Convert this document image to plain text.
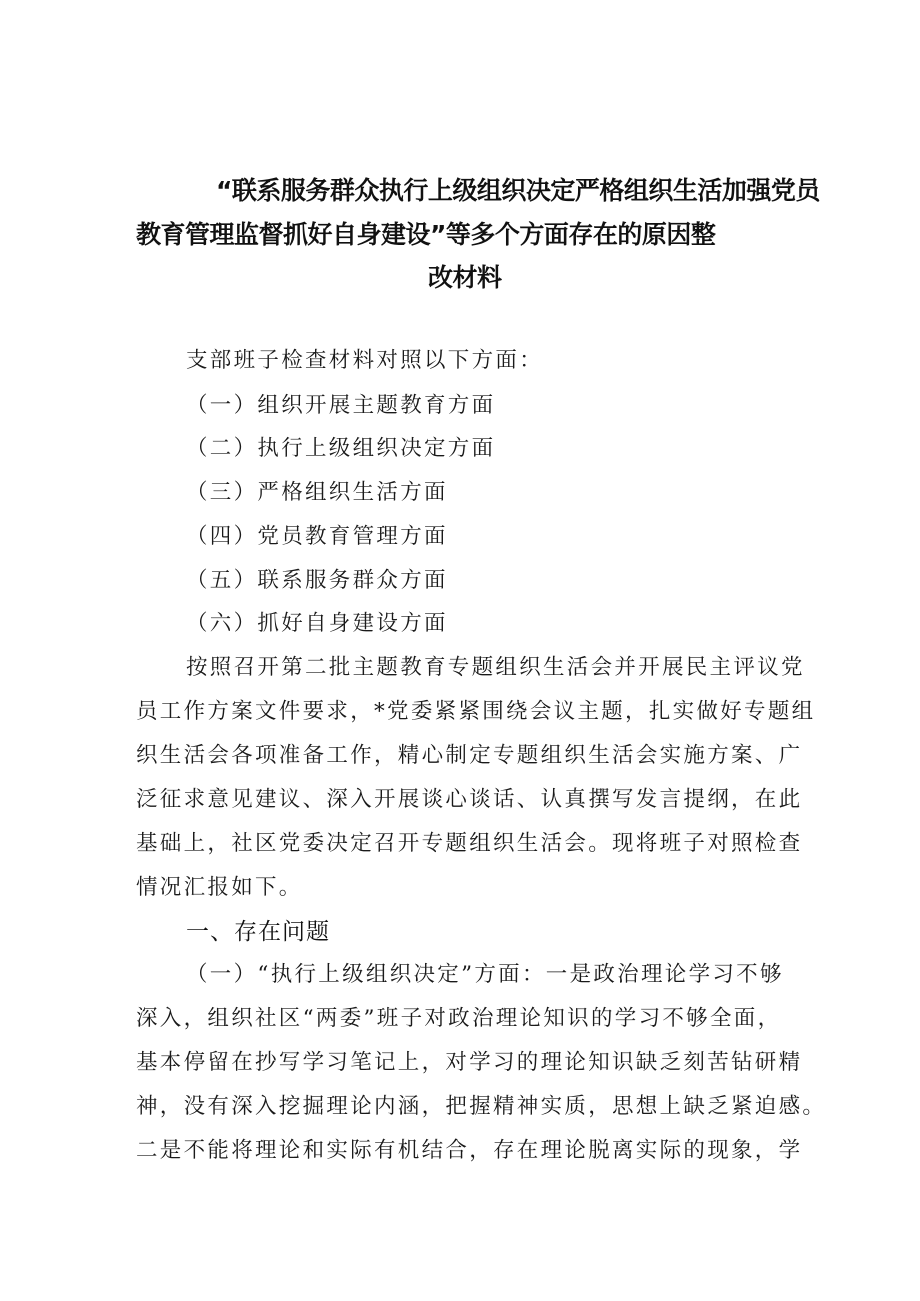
“联系服务群众执行上级组织决定严格组织生活加强党员
教育管理监督抓好自身建设”等多个方面存在的原因整
改材料
支部班子检查材料对照以下方面：
（一）组织开展主题教育方面
（二）执行上级组织决定方面
（三）严格组织生活方面
（四）党员教育管理方面
（五）联系服务群众方面
（六）抓好自身建设方面
按照召开第二批主题教育专题组织生活会并开展民主评议党
员工作方案文件要求，*党委紧紧围绕会议主题，扎实做好专题组
织生活会各项准备工作，精心制定专题组织生活会实施方案、广
泛征求意见建议、深入开展谈心谈话、认真撰写发言提纲，在此
基础上，社区党委决定召开专题组织生活会。现将班子对照检查
情况汇报如下。
一、存在问题
（一）“执行上级组织决定”方面：一是政治理论学习不够
深入，组织社区“两委”班子对政治理论知识的学习不够全面，
基本停留在抄写学习笔记上，对学习的理论知识缺乏刻苦钻研精
神，没有深入挖掘理论内涵，把握精神实质，思想上缺乏紧迫感。
二是不能将理论和实际有机结合，存在理论脱离实际的现象，学
